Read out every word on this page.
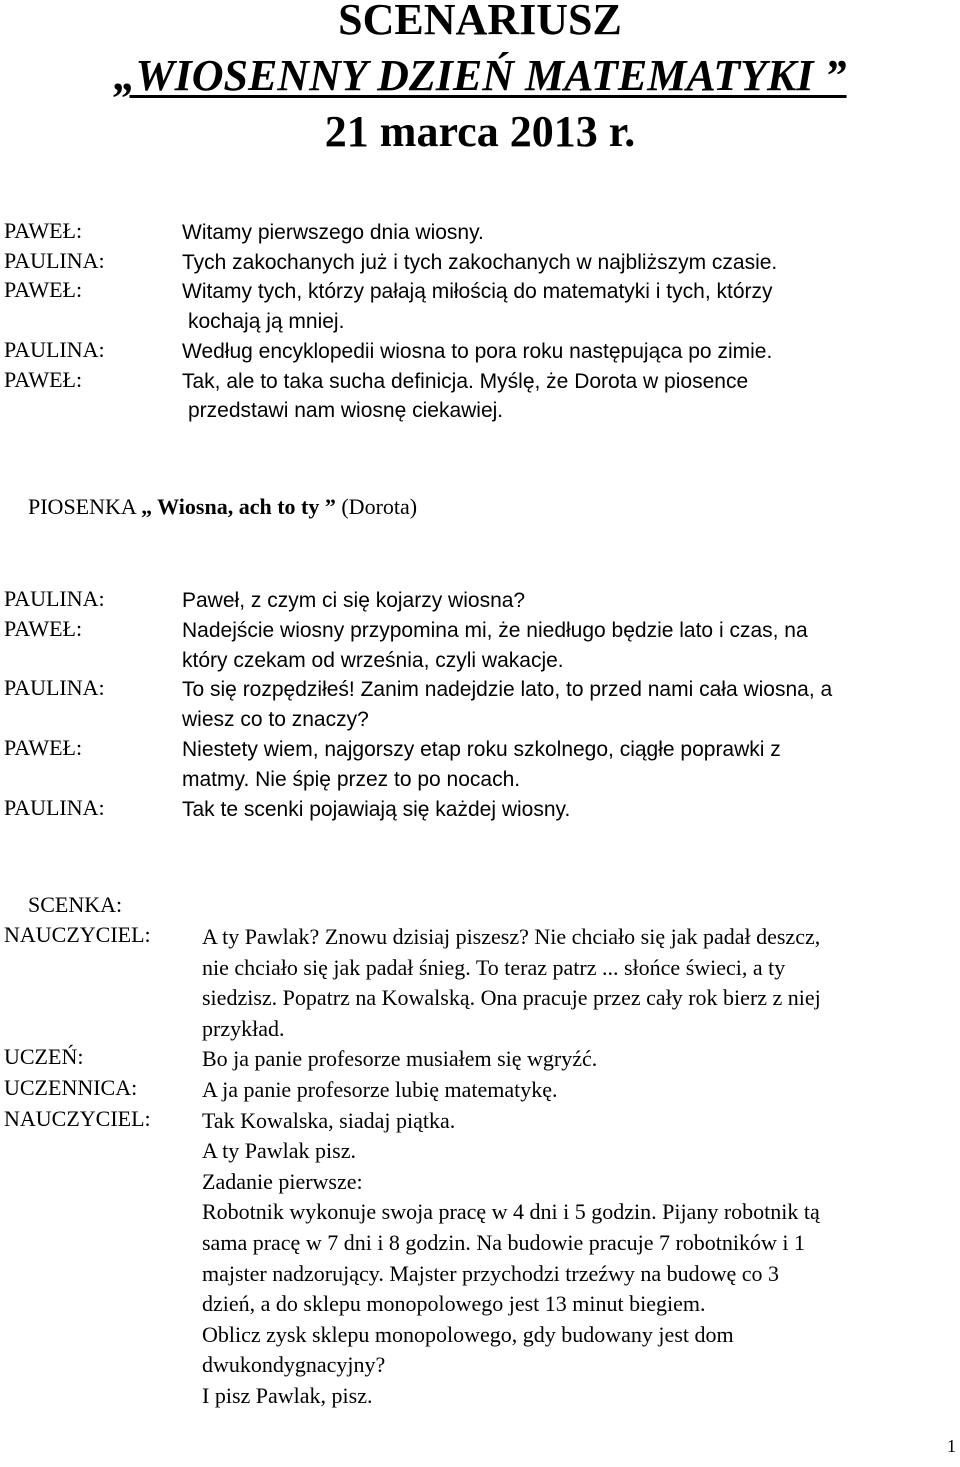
SCENARIUSZ
„WIOSENNY DZIEŃ MATEMATYKI ”
21 marca 2013 r.
PAWEŁ:	Witamy pierwszego dnia wiosny.
PAULINA:	Tych zakochanych już i tych zakochanych w najbliższym czasie.
PAWEŁ:	Witamy tych, którzy pałają miłością do matematyki i tych, którzy
kochają ją mniej.
PAULINA:	Według encyklopedii wiosna to pora roku następująca po zimie.
PAWEŁ:	Tak, ale to taka sucha definicja. Myślę, że Dorota w piosence
przedstawi nam wiosnę ciekawiej.
PIOSENKA „ Wiosna, ach to ty ” (Dorota)
PAULINA:	Paweł, z czym ci się kojarzy wiosna?
PAWEŁ:	Nadejście wiosny przypomina mi, że niedługo będzie lato i czas, na
który czekam od września, czyli wakacje.
PAULINA:	To się rozpędziłeś! Zanim nadejdzie lato, to przed nami cała wiosna, a
wiesz co to znaczy?
PAWEŁ:	Niestety wiem, najgorszy etap roku szkolnego, ciągłe poprawki z
matmy. Nie śpię przez to po nocach.
PAULINA:	Tak te scenki pojawiają się każdej wiosny.
SCENKA:
NAUCZYCIEL: A ty Pawlak? Znowu dzisiaj piszesz? Nie chciało się jak padał deszcz,
nie chciało się jak padał śnieg. To teraz patrz ... słońce świeci, a ty
siedzisz. Popatrz na Kowalską. Ona pracuje przez cały rok bierz z niej
przykład.
UCZEŃ:	Bo ja panie profesorze musiałem się wgryźć.
UCZENNICA:	A ja panie profesorze lubię matematykę.
NAUCZYCIEL: Tak Kowalska, siadaj piątka.
A ty Pawlak pisz.
Zadanie pierwsze:
Robotnik wykonuje swoja pracę w 4 dni i 5 godzin. Pijany robotnik tą
sama pracę w 7 dni i 8 godzin. Na budowie pracuje 7 robotników i 1
majster nadzorujący. Majster przychodzi trzeźwy na budowę co 3
dzień, a do sklepu monopolowego jest 13 minut biegiem.
Oblicz zysk sklepu monopolowego, gdy budowany jest dom
dwukondygnacyjny?
I pisz Pawlak, pisz.
1
